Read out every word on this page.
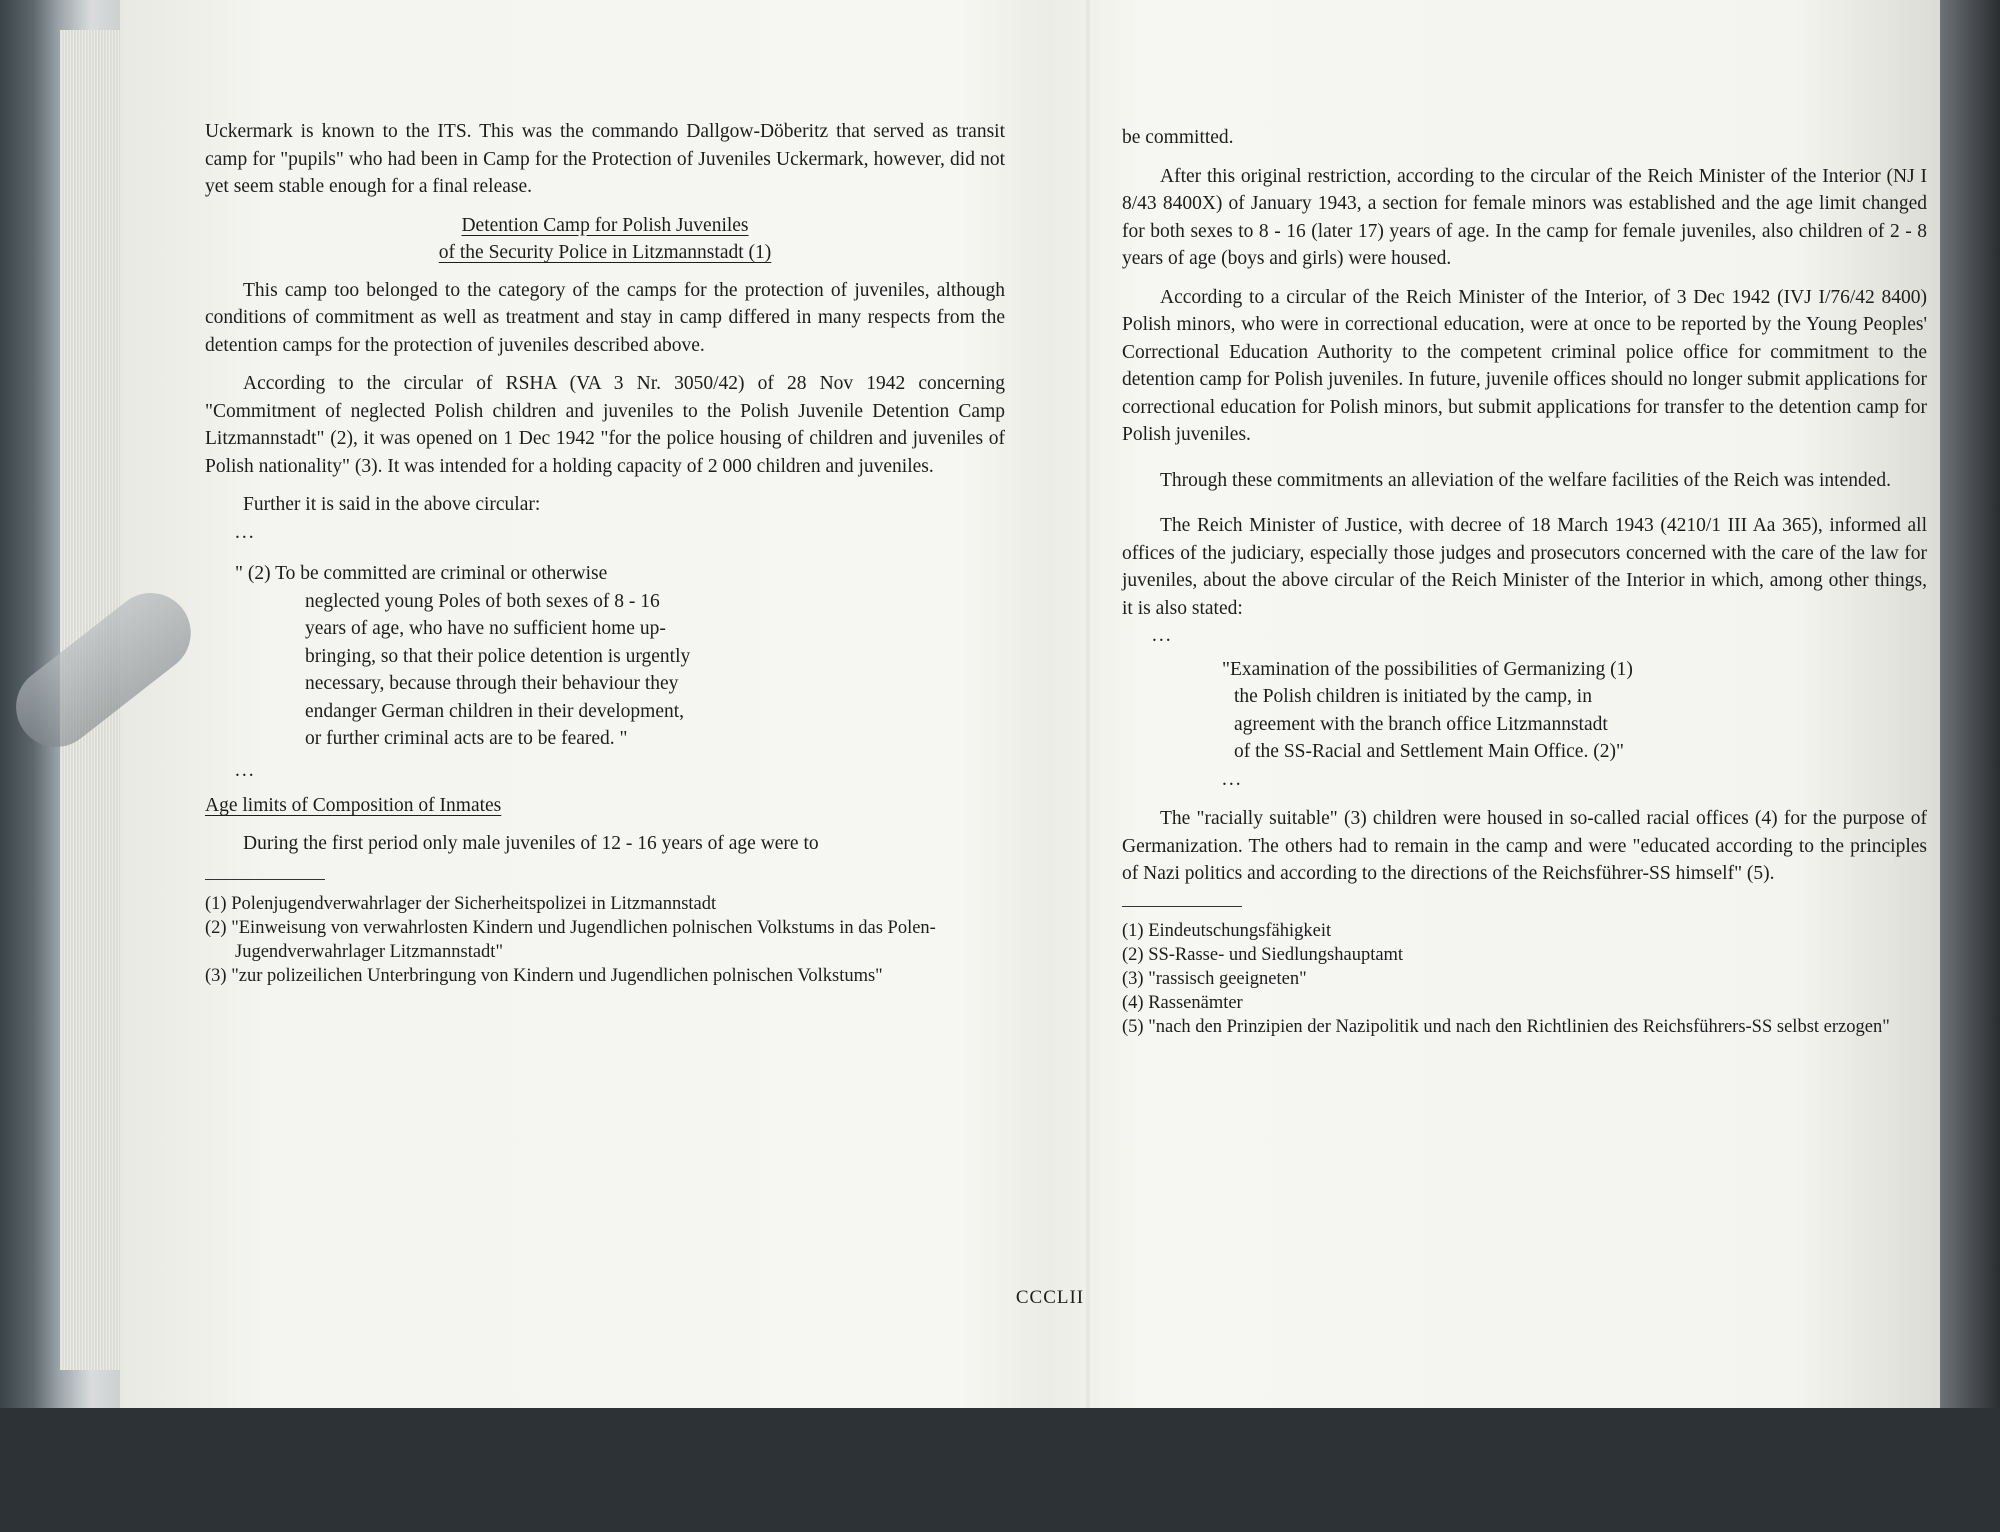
Uckermark is known to the ITS. This was the commando Dallgow-Döberitz that served as transit camp for "pupils" who had been in Camp for the Protection of Juveniles Uckermark, however, did not yet seem stable enough for a final release.

Detention Camp for Polish Juveniles
of the Security Police in Litzmannstadt (1)

This camp too belonged to the category of the camps for the protection of juveniles, although conditions of commitment as well as treatment and stay in camp differed in many respects from the detention camps for the protection of juveniles described above.

According to the circular of RSHA (VA 3 Nr. 3050/42) of 28 Nov 1942 concerning "Commitment of neglected Polish children and juveniles to the Polish Juvenile Detention Camp Litzmannstadt" (2), it was opened on 1 Dec 1942 "for the police housing of children and juveniles of Polish nationality" (3). It was intended for a holding capacity of 2 000 children and juveniles.

Further it is said in the above circular:

...

" (2) To be committed are criminal or otherwise

neglected young Poles of both sexes of 8 - 16

years of age, who have no sufficient home up-

bringing, so that their police detention is urgently

necessary, because through their behaviour they

endanger German children in their development,

or further criminal acts are to be feared. "

...

Age limits of Composition of Inmates

During the first period only male juveniles of 12 - 16 years of age were to

(1) Polenjugendverwahrlager der Sicherheitspolizei in Litzmannstadt

(2) "Einweisung von verwahrlosten Kindern und Jugendlichen polnischen Volkstums in das Polen-Jugendverwahrlager Litzmannstadt"

(3) "zur polizeilichen Unterbringung von Kindern und Jugendlichen polnischen Volkstums"

be committed.

After this original restriction, according to the circular of the Reich Minister of the Interior (NJ I 8/43 8400X) of January 1943, a section for female minors was established and the age limit changed for both sexes to 8 - 16 (later 17) years of age. In the camp for female juveniles, also children of 2 - 8 years of age (boys and girls) were housed.

According to a circular of the Reich Minister of the Interior, of 3 Dec 1942 (IVJ I/76/42 8400) Polish minors, who were in correctional education, were at once to be reported by the Young Peoples' Correctional Education Authority to the competent criminal police office for commitment to the detention camp for Polish juveniles. In future, juvenile offices should no longer submit applications for correctional education for Polish minors, but submit applications for transfer to the detention camp for Polish juveniles.

Through these commitments an alleviation of the welfare facilities of the Reich was intended.

The Reich Minister of Justice, with decree of 18 March 1943 (4210/1 III Aa 365), informed all offices of the judiciary, especially those judges and prosecutors concerned with the care of the law for juveniles, about the above circular of the Reich Minister of the Interior in which, among other things, it is also stated:

...

"Examination of the possibilities of Germanizing (1)

the Polish children is initiated by the camp, in

agreement with the branch office Litzmannstadt

of the SS-Racial and Settlement Main Office. (2)"

...

The "racially suitable" (3) children were housed in so-called racial offices (4) for the purpose of Germanization. The others had to remain in the camp and were "educated according to the principles of Nazi politics and according to the directions of the Reichsführer-SS himself" (5).

(1) Eindeutschungsfähigkeit

(2) SS-Rasse- und Siedlungshauptamt

(3) "rassisch geeigneten"

(4) Rassenämter

(5) "nach den Prinzipien der Nazipolitik und nach den Richtlinien des Reichsführers-SS selbst erzogen"

CCCLII
